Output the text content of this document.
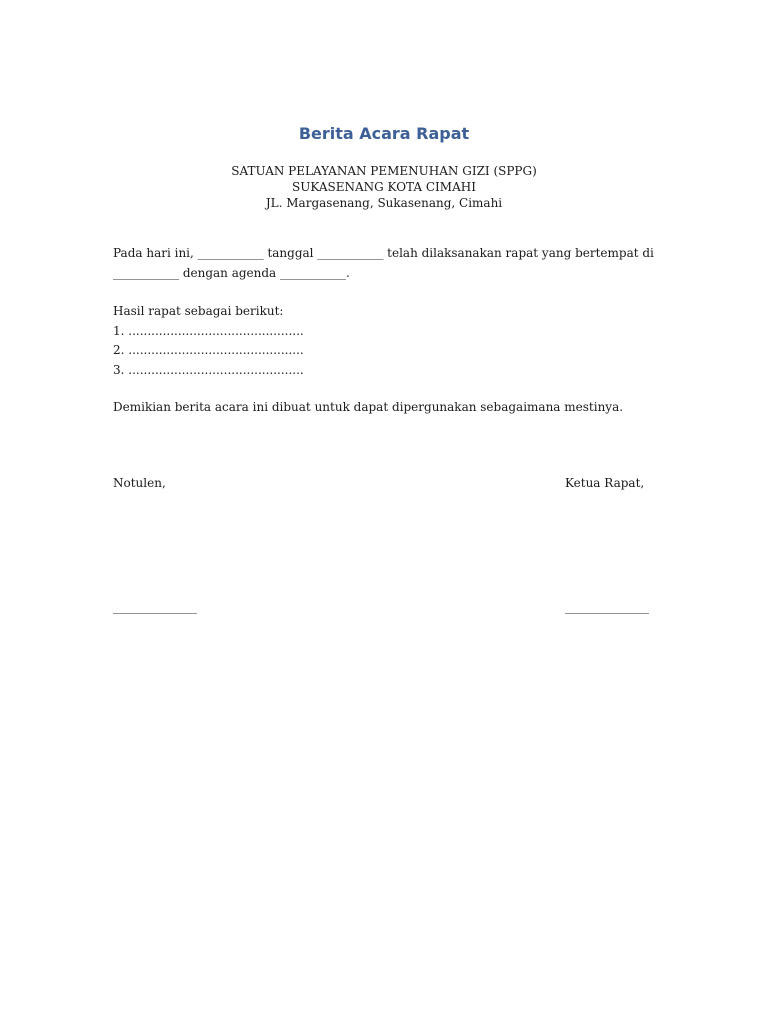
Berita Acara Rapat
SATUAN PELAYANAN PEMENUHAN GIZI (SPPG)
SUKASENANG KOTA CIMAHI
JL. Margasenang, Sukasenang, Cimahi
Pada hari ini, ___________ tanggal ___________ telah dilaksanakan rapat yang bertempat di
___________ dengan agenda ___________.
Hasil rapat sebagai berikut:
1. ..............................................
2. ..............................................
3. ..............................................
Demikian berita acara ini dibuat untuk dapat dipergunakan sebagaimana mestinya.
Notulen,	Ketua Rapat,
______________	______________
